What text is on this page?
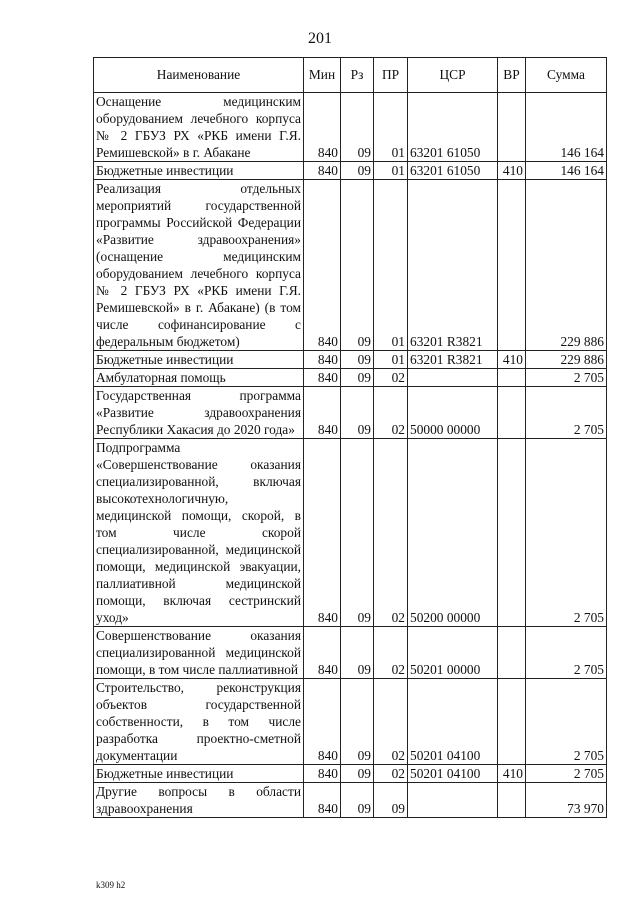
201
Наименование	Мин	Рз	ПР	ЦСР	ВР	Сумма
Оснащение медицинским оборудованием лечебного корпуса № 2 ГБУЗ РХ «РКБ имени Г.Я. Ремишевской» в г. Абакане	840	09	01	63201 61050		146 164
Бюджетные инвестиции	840	09	01	63201 61050	410	146 164
Реализация отдельных мероприятий государственной программы Российской Федерации «Развитие здравоохранения» (оснащение медицинским оборудованием лечебного корпуса № 2 ГБУЗ РХ «РКБ имени Г.Я. Ремишевской» в г. Абакане) (в том числе софинансирование с федеральным бюджетом)	840	09	01	63201 R3821		229 886
Бюджетные инвестиции	840	09	01	63201 R3821	410	229 886
Амбулаторная помощь	840	09	02			2 705
Государственная программа «Развитие здравоохранения Республики Хакасия до 2020 года»	840	09	02	50000 00000		2 705
Подпрограмма «Совершенствование оказания специализированной, включая высокотехнологичную, медицинской помощи, скорой, в том числе скорой специализированной, медицинской помощи, медицинской эвакуации, паллиативной медицинской помощи, включая сестринский уход»	840	09	02	50200 00000		2 705
Совершенствование оказания специализированной медицинской помощи, в том числе паллиативной	840	09	02	50201 00000		2 705
Строительство, реконструкция объектов государственной собственности, в том числе разработка проектно-сметной документации	840	09	02	50201 04100		2 705
Бюджетные инвестиции	840	09	02	50201 04100	410	2 705
Другие вопросы в области здравоохранения	840	09	09			73 970
k309 h2
